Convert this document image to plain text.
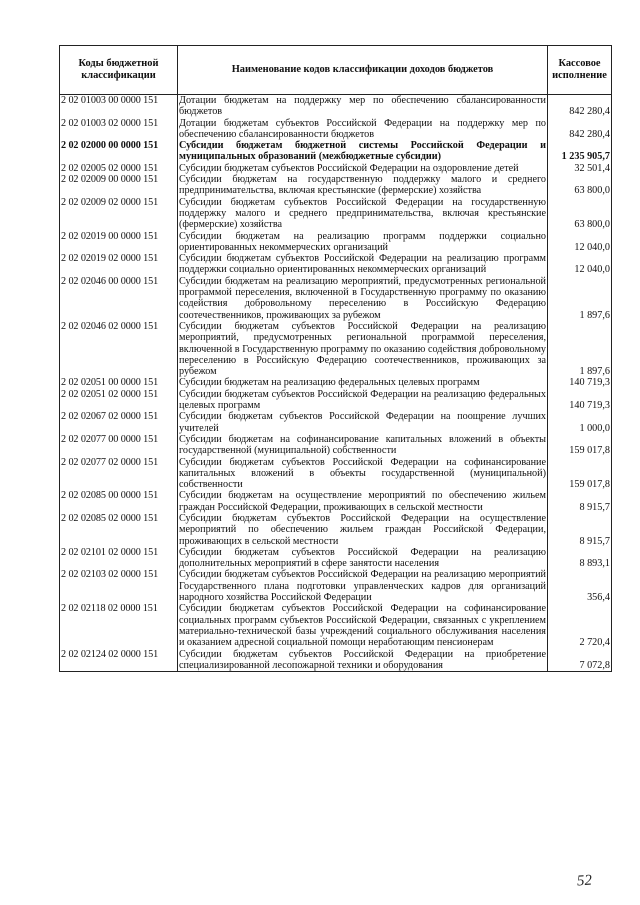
Коды бюджетной классификации	Наименование кодов классификации доходов бюджетов	Кассовое исполнение
2 02 01003 00 0000 151	Дотации бюджетам на поддержку мер по обеспечению сбалансированности бюджетов	842 280,4
2 02 01003 02 0000 151	Дотации бюджетам субъектов Российской Федерации на поддержку мер по обеспечению сбалансированности бюджетов	842 280,4
2 02 02000 00 0000 151	Субсидии бюджетам бюджетной системы Российской Федерации и муниципальных образований (межбюджетные субсидии)	1 235 905,7
2 02 02005 02 0000 151	Субсидии бюджетам субъектов Российской Федерации на оздоровление детей	32 501,4
2 02 02009 00 0000 151	Субсидии бюджетам на государственную поддержку малого и среднего предпринимательства, включая крестьянские (фермерские) хозяйства	63 800,0
2 02 02009 02 0000 151	Субсидии бюджетам субъектов Российской Федерации на государственную поддержку малого и среднего предпринимательства, включая крестьянские (фермерские) хозяйства	63 800,0
2 02 02019 00 0000 151	Субсидии бюджетам на реализацию программ поддержки социально ориентированных некоммерческих организаций	12 040,0
2 02 02019 02 0000 151	Субсидии бюджетам субъектов Российской Федерации на реализацию программ поддержки социально ориентированных некоммерческих организаций	12 040,0
2 02 02046 00 0000 151	Субсидии бюджетам на реализацию мероприятий, предусмотренных региональной программой переселения, включенной в Государственную программу по оказанию содействия добровольному переселению в Российскую Федерацию соотечественников, проживающих за рубежом	1 897,6
2 02 02046 02 0000 151	Субсидии бюджетам субъектов Российской Федерации на реализацию мероприятий, предусмотренных региональной программой переселения, включенной в Государственную программу по оказанию содействия добровольному переселению в Российскую Федерацию соотечественников, проживающих за рубежом	1 897,6
2 02 02051 00 0000 151	Субсидии бюджетам на реализацию федеральных целевых программ	140 719,3
2 02 02051 02 0000 151	Субсидии бюджетам субъектов Российской Федерации на реализацию федеральных целевых программ	140 719,3
2 02 02067 02 0000 151	Субсидии бюджетам субъектов Российской Федерации на поощрение лучших учителей	1 000,0
2 02 02077 00 0000 151	Субсидии бюджетам на софинансирование капитальных вложений в объекты государственной (муниципальной) собственности	159 017,8
2 02 02077 02 0000 151	Субсидии бюджетам субъектов Российской Федерации на софинансирование капитальных вложений в объекты государственной (муниципальной) собственности	159 017,8
2 02 02085 00 0000 151	Субсидии бюджетам на осуществление мероприятий по обеспечению жильем граждан Российской Федерации, проживающих в сельской местности	8 915,7
2 02 02085 02 0000 151	Субсидии бюджетам субъектов Российской Федерации на осуществление мероприятий по обеспечению жильем граждан Российской Федерации, проживающих в сельской местности	8 915,7
2 02 02101 02 0000 151	Субсидии бюджетам субъектов Российской Федерации на реализацию дополнительных мероприятий в сфере занятости населения	8 893,1
2 02 02103 02 0000 151	Субсидии бюджетам субъектов Российской Федерации на реализацию мероприятий Государственного плана подготовки управленческих кадров для организаций народного хозяйства Российской Федерации	356,4
2 02 02118 02 0000 151	Субсидии бюджетам субъектов Российской Федерации на софинансирование социальных программ субъектов Российской Федерации, связанных с укреплением материально-технической базы учреждений социального обслуживания населения и оказанием адресной социальной помощи неработающим пенсионерам	2 720,4
2 02 02124 02 0000 151	Субсидии бюджетам субъектов Российской Федерации на приобретение специализированной лесопожарной техники и оборудования	7 072,8
52
